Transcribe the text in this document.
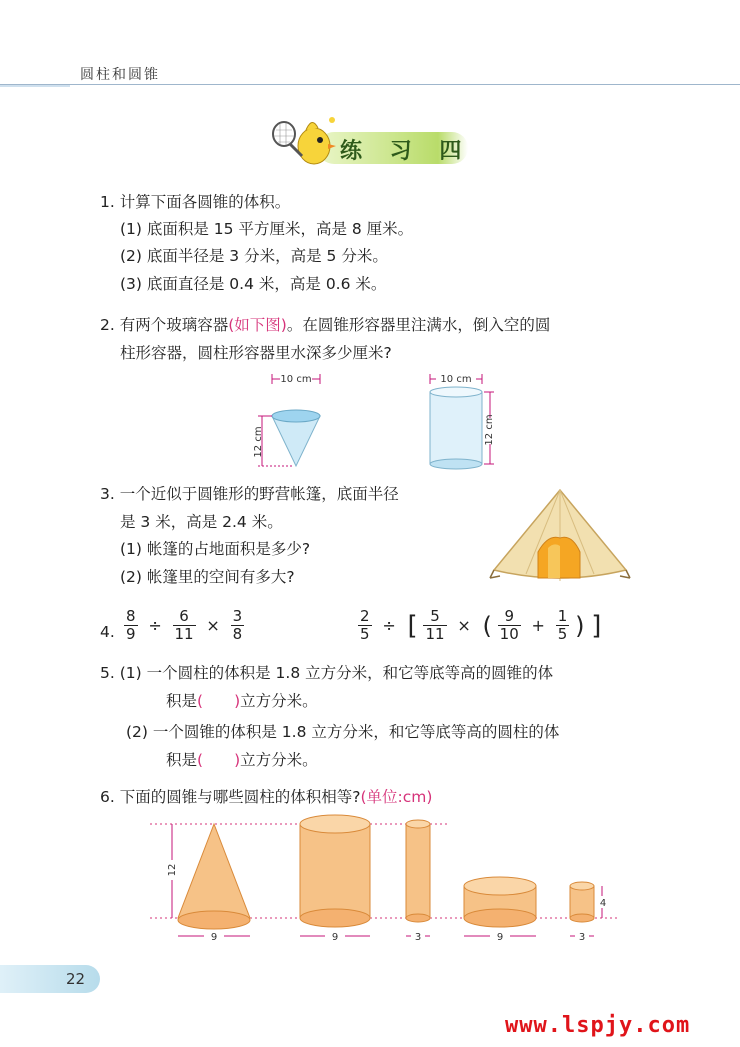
圆柱和圆锥
练 习 四
1. 计算下面各圆锥的体积。
(1) 底面积是 15 平方厘米，高是 8 厘米。
(2) 底面半径是 3 分米，高是 5 分米。
(3) 底面直径是 0.4 米，高是 0.6 米。
2. 有两个玻璃容器(如下图)。在圆锥形容器里注满水，倒入空的圆
柱形容器，圆柱形容器里水深多少厘米?
10 cm
12 cm
10 cm
12 cm
3. 一个近似于圆锥形的野营帐篷，底面半径
是 3 米，高是 2.4 米。
(1) 帐篷的占地面积是多少?
(2) 帐篷里的空间有多大?
4. $\frac{8}{9} \div \frac{6}{11} \times \frac{3}{8}$	$\frac{2}{5}$ ÷ [ $\frac{5}{11}$ × ( $\frac{9}{10} + \frac{1}{5}$ ) ]
5. (1) 一个圆柱的体积是 1.8 立方分米，和它等底等高的圆锥的体
积是(　　)立方分米。
(2) 一个圆锥的体积是 1.8 立方分米，和它等底等高的圆柱的体
积是(　　)立方分米。
6. 下面的圆锥与哪些圆柱的体积相等?(单位:cm)
12
9	9	3	9	3
4
22
www.lspjy.com
